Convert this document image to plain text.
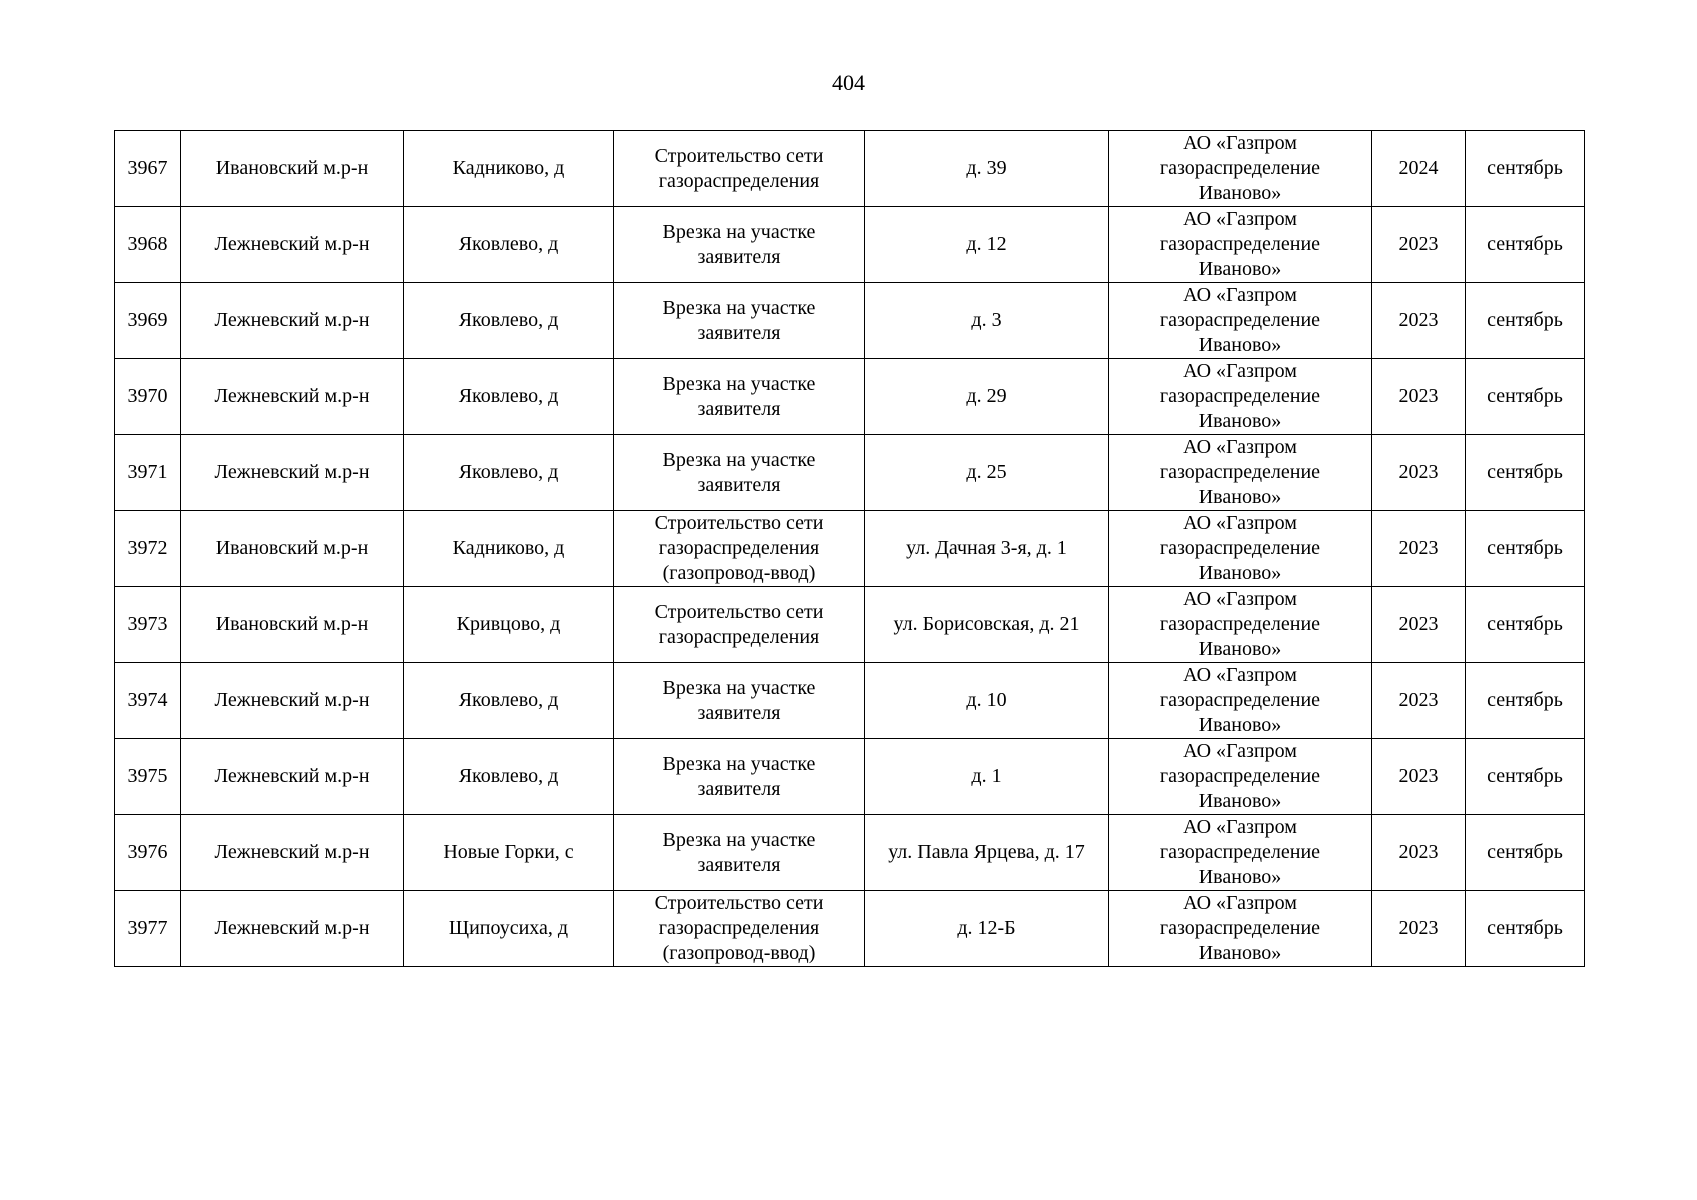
404
3967	Ивановский м.р-н	Кадниково, д	Строительство сети
газораспределения	д. 39	АО «Газпром
газораспределение
Иваново»	2024	сентябрь
3968	Лежневский м.р-н	Яковлево, д	Врезка на участке
заявителя	д. 12	АО «Газпром
газораспределение
Иваново»	2023	сентябрь
3969	Лежневский м.р-н	Яковлево, д	Врезка на участке
заявителя	д. 3	АО «Газпром
газораспределение
Иваново»	2023	сентябрь
3970	Лежневский м.р-н	Яковлево, д	Врезка на участке
заявителя	д. 29	АО «Газпром
газораспределение
Иваново»	2023	сентябрь
3971	Лежневский м.р-н	Яковлево, д	Врезка на участке
заявителя	д. 25	АО «Газпром
газораспределение
Иваново»	2023	сентябрь
3972	Ивановский м.р-н	Кадниково, д	Строительство сети
газораспределения
(газопровод-ввод)	ул. Дачная 3-я, д. 1	АО «Газпром
газораспределение
Иваново»	2023	сентябрь
3973	Ивановский м.р-н	Кривцово, д	Строительство сети
газораспределения	ул. Борисовская, д. 21	АО «Газпром
газораспределение
Иваново»	2023	сентябрь
3974	Лежневский м.р-н	Яковлево, д	Врезка на участке
заявителя	д. 10	АО «Газпром
газораспределение
Иваново»	2023	сентябрь
3975	Лежневский м.р-н	Яковлево, д	Врезка на участке
заявителя	д. 1	АО «Газпром
газораспределение
Иваново»	2023	сентябрь
3976	Лежневский м.р-н	Новые Горки, с	Врезка на участке
заявителя	ул. Павла Ярцева, д. 17	АО «Газпром
газораспределение
Иваново»	2023	сентябрь
3977	Лежневский м.р-н	Щипоусиха, д	Строительство сети
газораспределения
(газопровод-ввод)	д. 12-Б	АО «Газпром
газораспределение
Иваново»	2023	сентябрь
